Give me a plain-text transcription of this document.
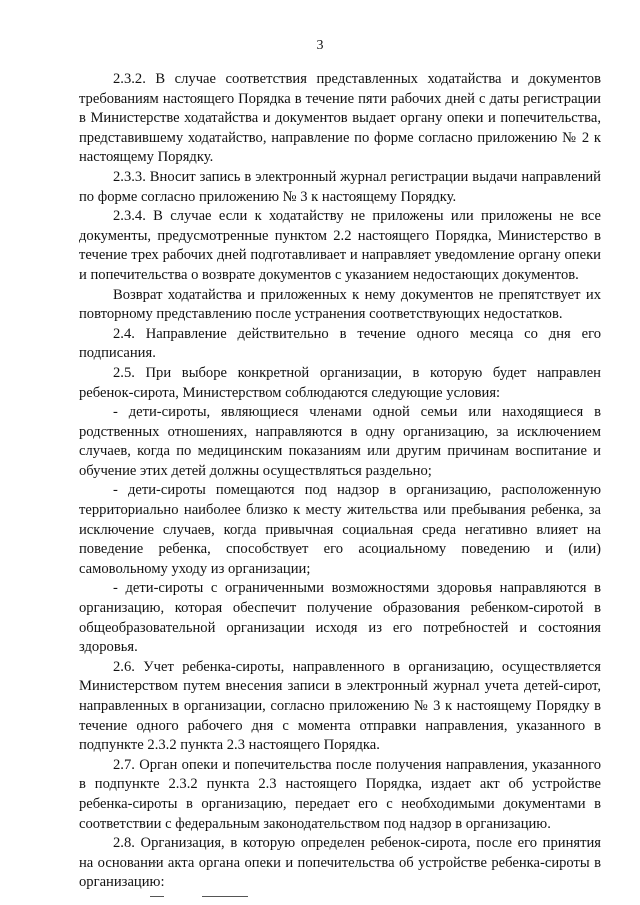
3

2.3.2. В случае соответствия представленных ходатайства и документов требованиям настоящего Порядка в течение пяти рабочих дней с даты регистрации в Министерстве ходатайства и документов выдает органу опеки и попечительства, представившему ходатайство, направление по форме согласно приложению № 2 к настоящему Порядку.

2.3.3. Вносит запись в электронный журнал регистрации выдачи направлений по форме согласно приложению № 3 к настоящему Порядку.

2.3.4. В случае если к ходатайству не приложены или приложены не все документы, предусмотренные пунктом 2.2 настоящего Порядка, Министерство в течение трех рабочих дней подготавливает и направляет уведомление органу опеки и попечительства о возврате документов с указанием недостающих документов.

Возврат ходатайства и приложенных к нему документов не препятствует их повторному представлению после устранения соответствующих недостатков.

2.4. Направление действительно в течение одного месяца со дня его подписания.

2.5. При выборе конкретной организации, в которую будет направлен ребенок-сирота, Министерством соблюдаются следующие условия:

- дети-сироты, являющиеся членами одной семьи или находящиеся в родственных отношениях, направляются в одну организацию, за исключением случаев, когда по медицинским показаниям или другим причинам воспитание и обучение этих детей должны осуществляться раздельно;

- дети-сироты помещаются под надзор в организацию, расположенную территориально наиболее близко к месту жительства или пребывания ребенка, за исключение случаев, когда привычная социальная среда негативно влияет на поведение ребенка, способствует его асоциальному поведению и (или) самовольному уходу из организации;

- дети-сироты с ограниченными возможностями здоровья направляются в организацию, которая обеспечит получение образования ребенком-сиротой в общеобразовательной организации исходя из его потребностей и состояния здоровья.

2.6. Учет ребенка-сироты, направленного в организацию, осуществляется Министерством путем внесения записи в электронный журнал учета детей-сирот, направленных в организации, согласно приложению № 3 к настоящему Порядку в течение одного рабочего дня с момента отправки направления, указанного в подпункте 2.3.2 пункта 2.3 настоящего Порядка.

2.7. Орган опеки и попечительства после получения направления, указанного в подпункте 2.3.2 пункта 2.3 настоящего Порядка, издает акт об устройстве ребенка-сироты в организацию, передает его с необходимыми документами в соответствии с федеральным законодательством под надзор в организацию.

2.8. Организация, в которую определен ребенок-сирота, после его принятия на основании акта органа опеки и попечительства об устройстве ребенка-сироты в организацию:
